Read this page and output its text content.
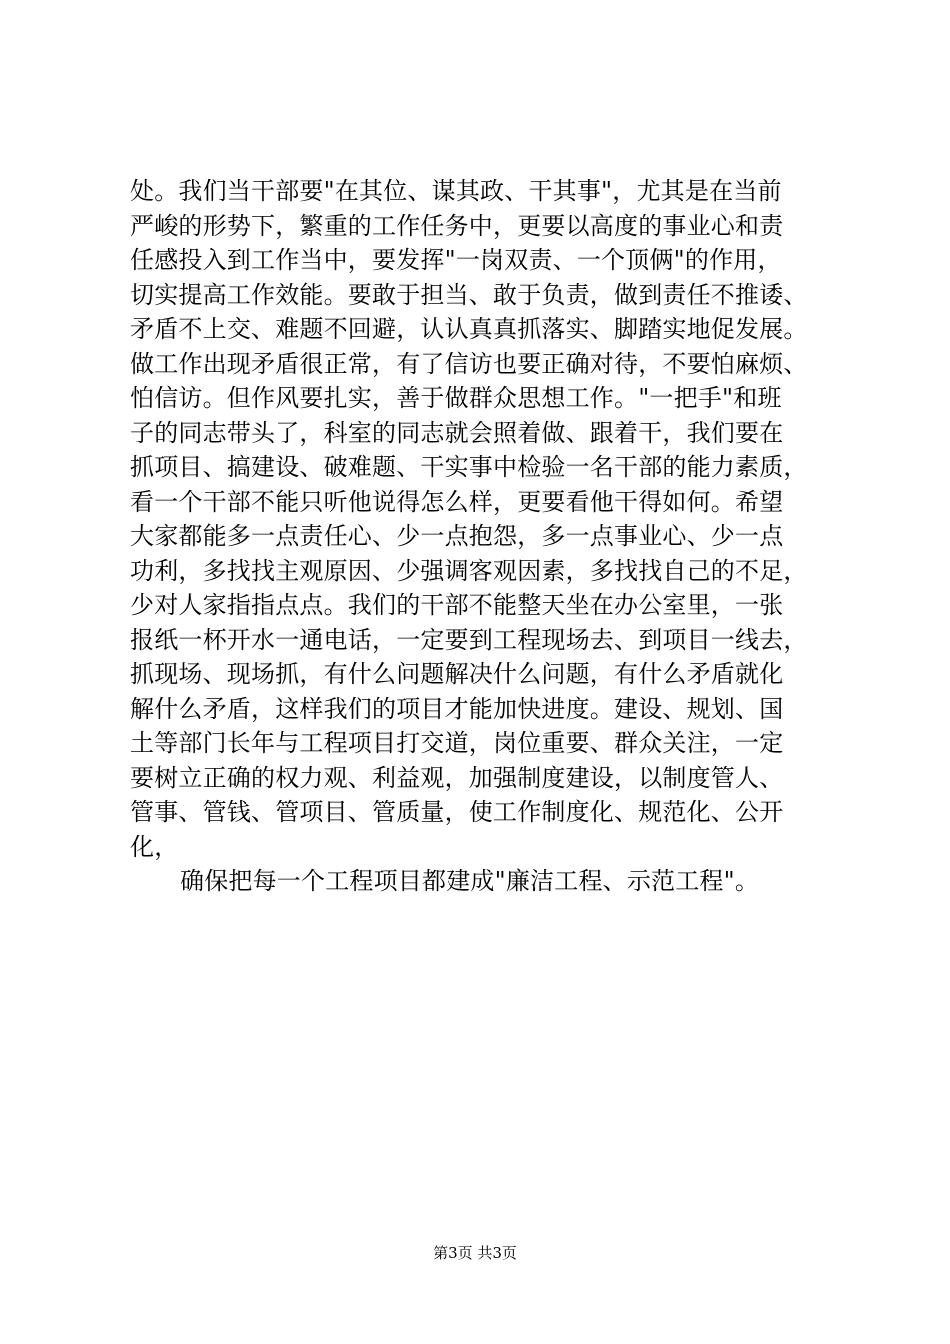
处。我们当干部要"在其位、谋其政、干其事"，尤其是在当前
严峻的形势下，繁重的工作任务中，更要以高度的事业心和责
任感投入到工作当中，要发挥"一岗双责、一个顶俩"的作用，
切实提高工作效能。要敢于担当、敢于负责，做到责任不推诿、
矛盾不上交、难题不回避，认认真真抓落实、脚踏实地促发展。
做工作出现矛盾很正常，有了信访也要正确对待，不要怕麻烦、
怕信访。但作风要扎实，善于做群众思想工作。"一把手"和班
子的同志带头了，科室的同志就会照着做、跟着干，我们要在
抓项目、搞建设、破难题、干实事中检验一名干部的能力素质，
看一个干部不能只听他说得怎么样，更要看他干得如何。希望
大家都能多一点责任心、少一点抱怨，多一点事业心、少一点
功利，多找找主观原因、少强调客观因素，多找找自己的不足，
少对人家指指点点。我们的干部不能整天坐在办公室里，一张
报纸一杯开水一通电话，一定要到工程现场去、到项目一线去，
抓现场、现场抓，有什么问题解决什么问题，有什么矛盾就化
解什么矛盾，这样我们的项目才能加快进度。建设、规划、国
土等部门长年与工程项目打交道，岗位重要、群众关注，一定
要树立正确的权力观、利益观，加强制度建设，以制度管人、
管事、管钱、管项目、管质量，使工作制度化、规范化、公开
化，
确保把每一个工程项目都建成"廉洁工程、示范工程"。
第3页 共3页
